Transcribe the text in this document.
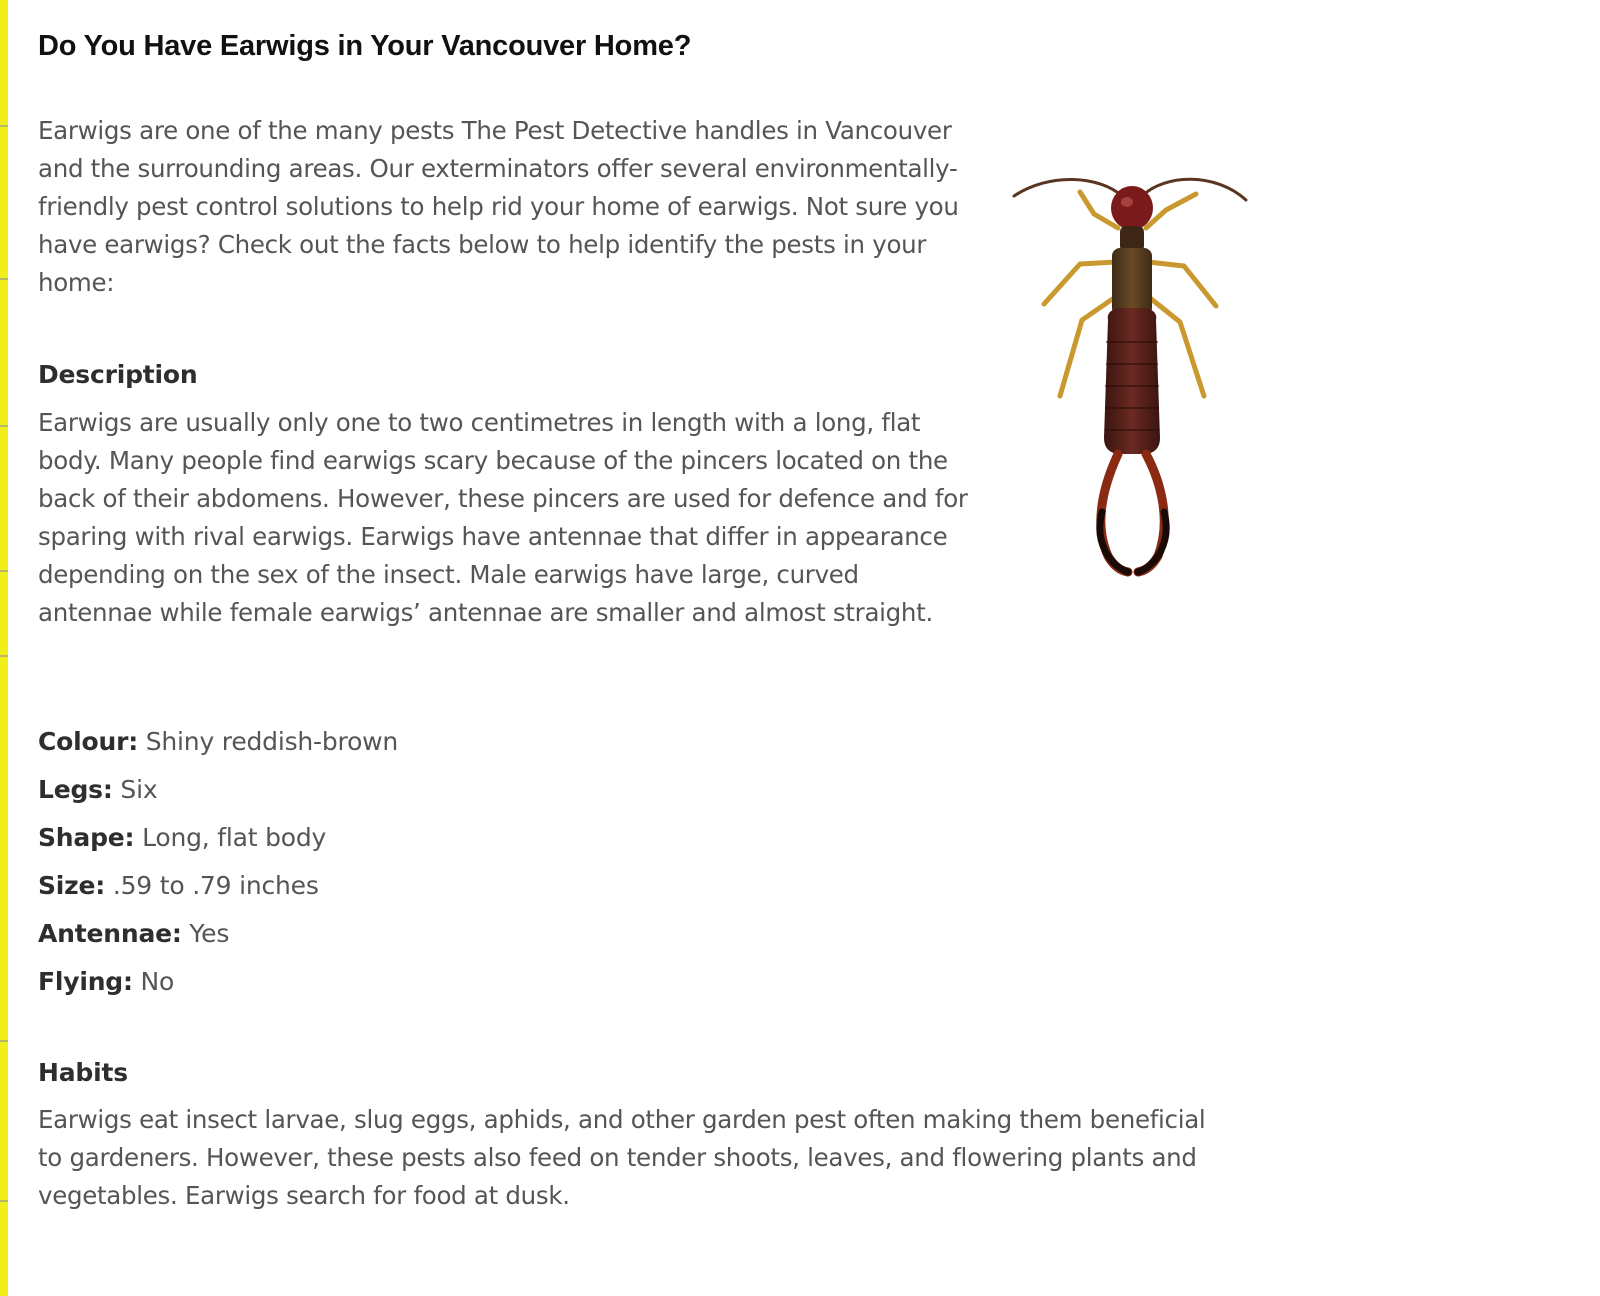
Do You Have Earwigs in Your Vancouver Home?

Earwigs are one of the many pests The Pest Detective handles in Vancouver and the surrounding areas. Our exterminators offer several environmentally-friendly pest control solutions to help rid your home of earwigs. Not sure you have earwigs? Check out the facts below to help identify the pests in your home:

Description

Earwigs are usually only one to two centimetres in length with a long, flat body. Many people find earwigs scary because of the pincers located on the back of their abdomens. However, these pincers are used for defence and for sparing with rival earwigs. Earwigs have antennae that differ in appearance depending on the sex of the insect. Male earwigs have large, curved antennae while female earwigs’ antennae are smaller and almost straight.

Colour: Shiny reddish-brown
Legs: Six
Shape: Long, flat body
Size: .59 to .79 inches
Antennae: Yes
Flying: No
Habits

Earwigs eat insect larvae, slug eggs, aphids, and other garden pest often making them beneficial to gardeners. However, these pests also feed on tender shoots, leaves, and flowering plants and vegetables. Earwigs search for food at dusk.
